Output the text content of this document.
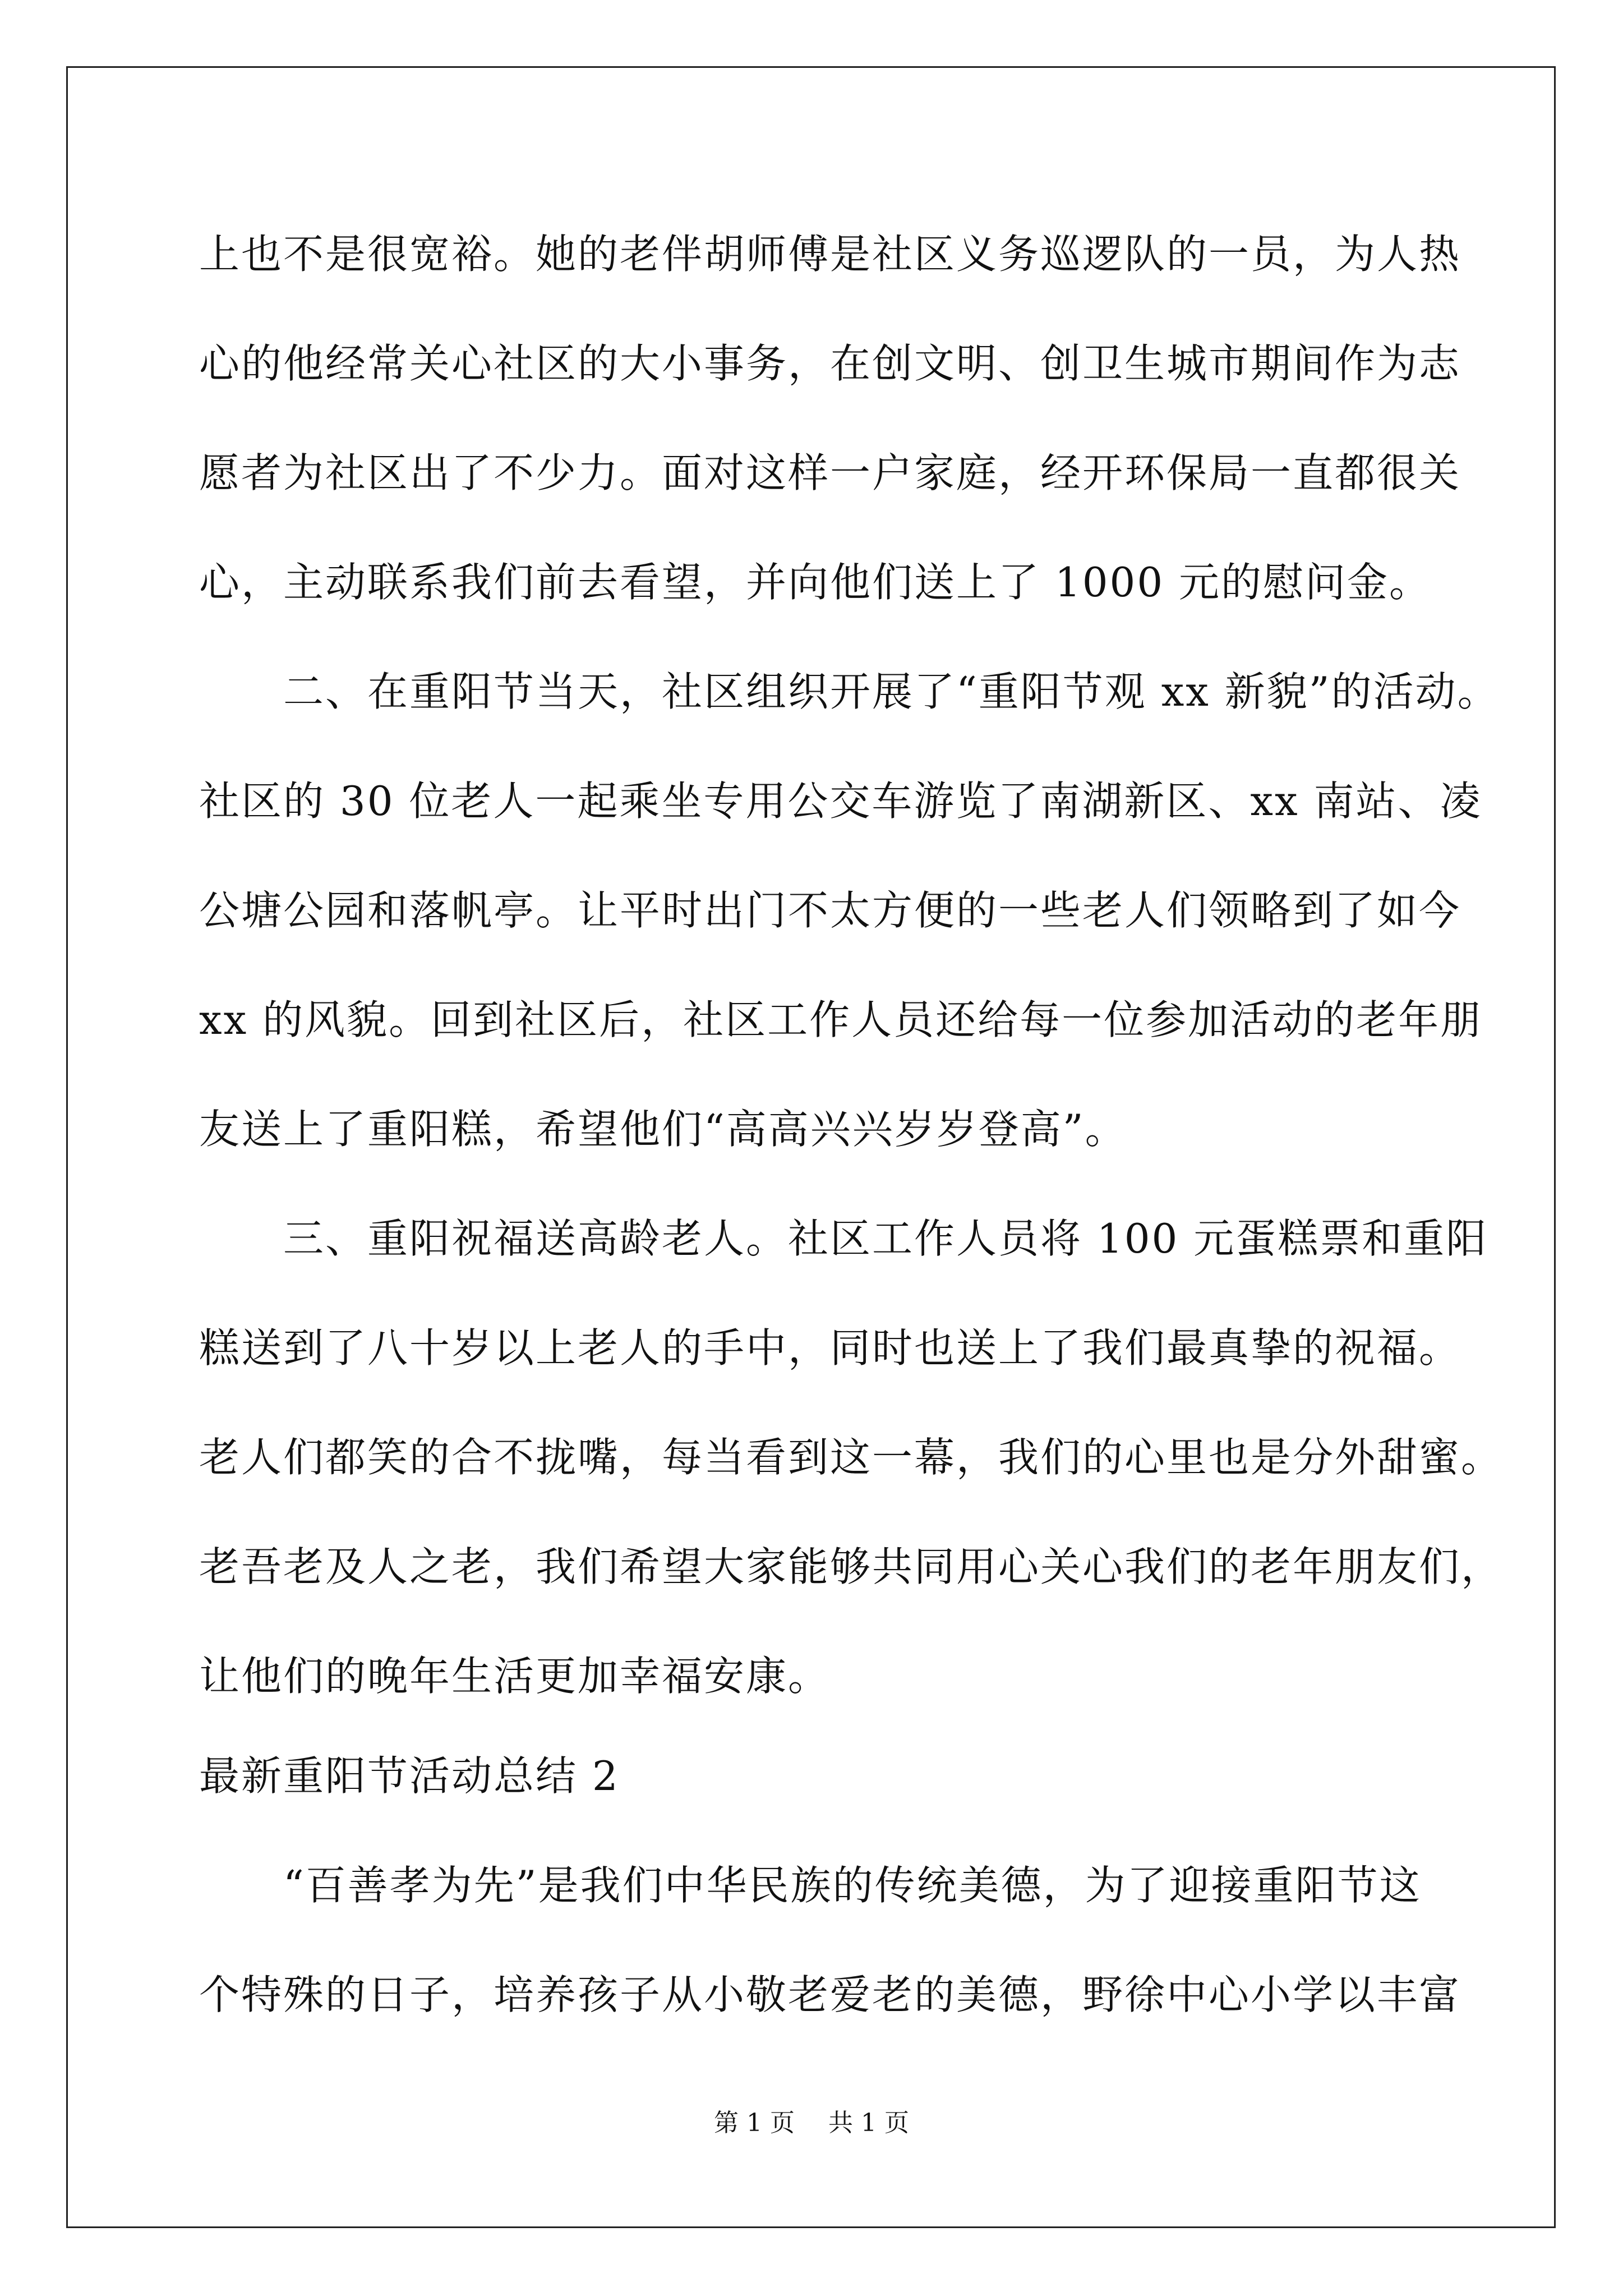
上也不是很宽裕。她的老伴胡师傅是社区义务巡逻队的一员，为人热
心的他经常关心社区的大小事务，在创文明、创卫生城市期间作为志
愿者为社区出了不少力。面对这样一户家庭，经开环保局一直都很关
心，主动联系我们前去看望，并向他们送上了 1000 元的慰问金。
二、在重阳节当天，社区组织开展了“重阳节观 xx 新貌”的活动。
社区的 30 位老人一起乘坐专用公交车游览了南湖新区、xx 南站、凌
公塘公园和落帆亭。让平时出门不太方便的一些老人们领略到了如今
xx 的风貌。回到社区后，社区工作人员还给每一位参加活动的老年朋
友送上了重阳糕，希望他们“高高兴兴岁岁登高”。
三、重阳祝福送高龄老人。社区工作人员将 100 元蛋糕票和重阳
糕送到了八十岁以上老人的手中，同时也送上了我们最真挚的祝福。
老人们都笑的合不拢嘴，每当看到这一幕，我们的心里也是分外甜蜜。
老吾老及人之老，我们希望大家能够共同用心关心我们的老年朋友们，
让他们的晚年生活更加幸福安康。
最新重阳节活动总结 2
“百善孝为先”是我们中华民族的传统美德，为了迎接重阳节这
个特殊的日子，培养孩子从小敬老爱老的美德，野徐中心小学以丰富
第 1 页 共 1 页
